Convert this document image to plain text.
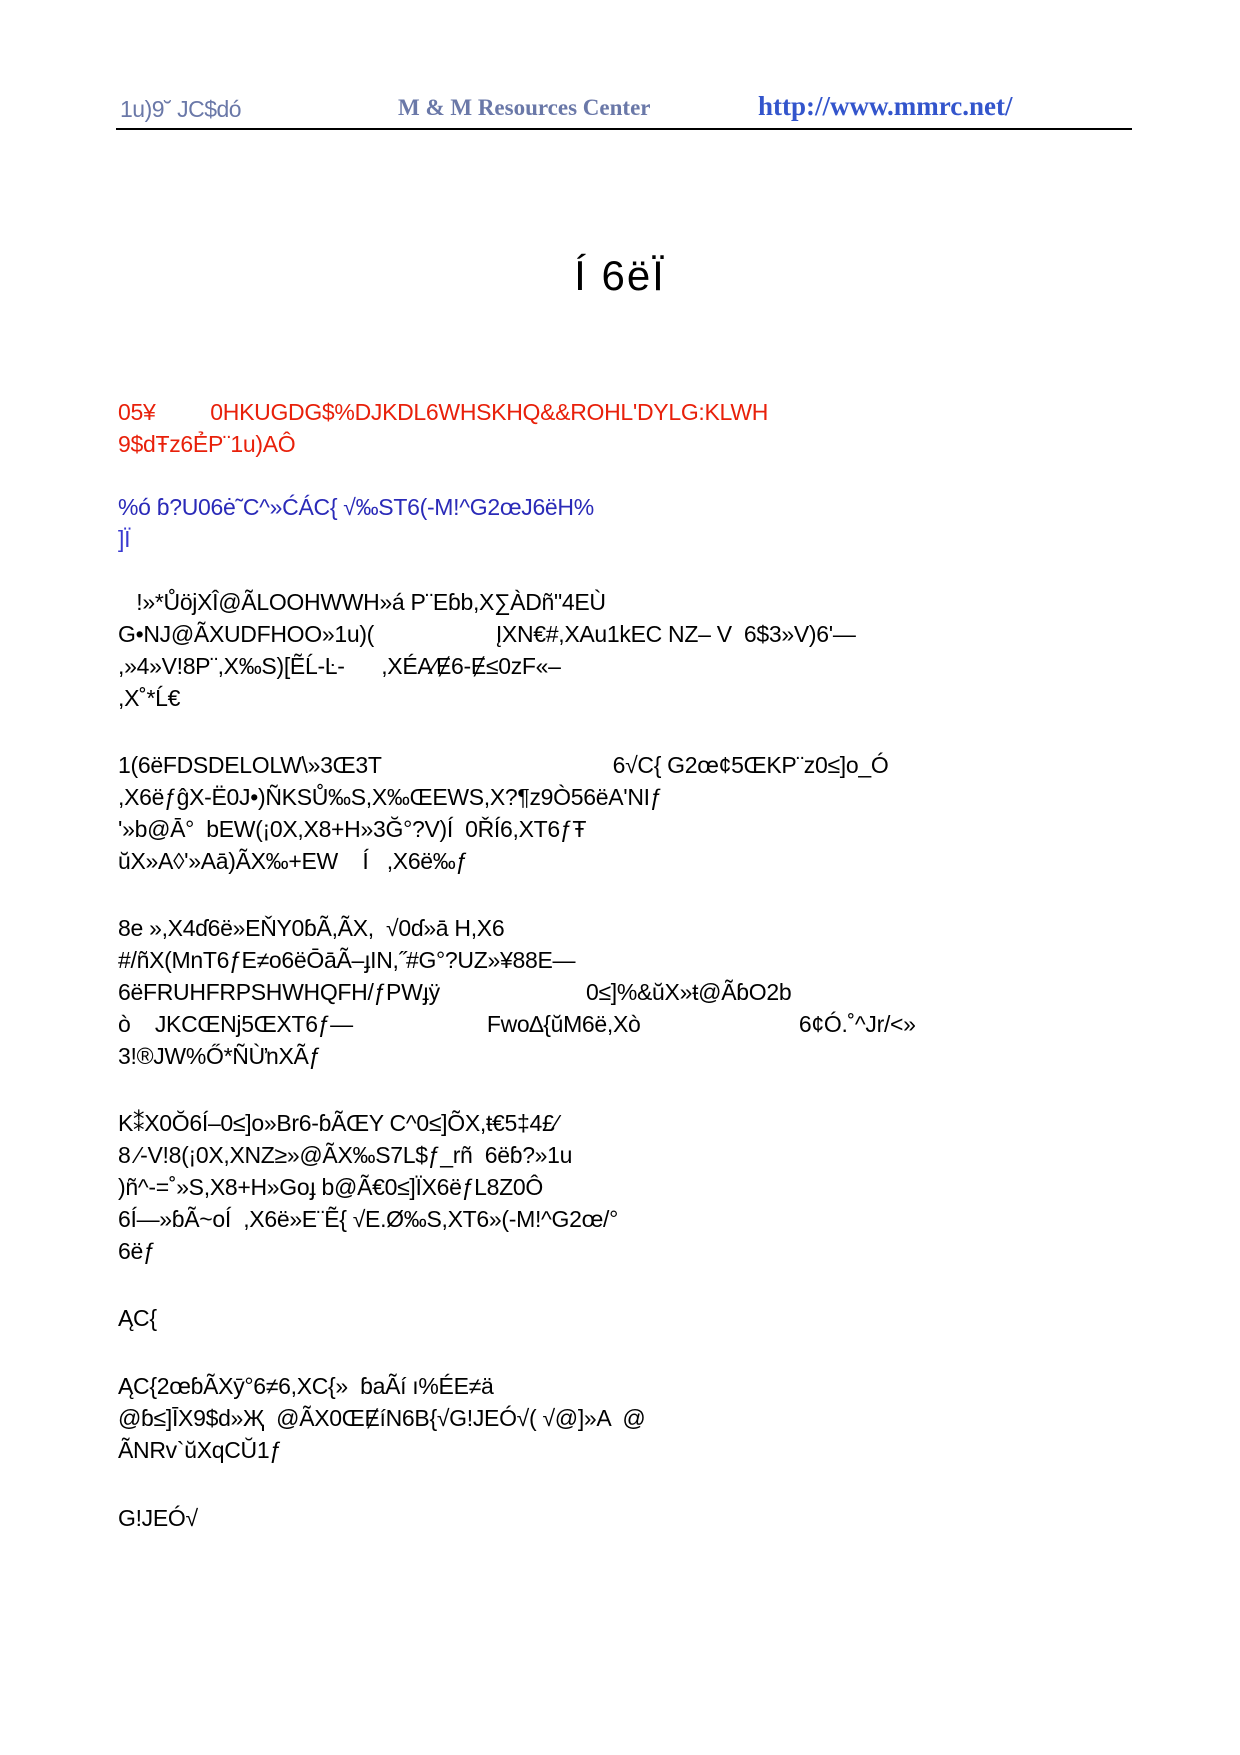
1u)9˘ JC$dó	M & M Resources Center	http://www.mmrc.net/
Í 6ëÏ
05¥         0HKUGDG$%DJKDL6WHSKHQ&&ROHL'DYLG:KLWH
9$dŦz6ẺP¨1u)AÔ
%ó ɓ?U06ė˜C^»ĆÁC{ √‰ST6(-M!^G2œJ6ëH%
]Ï
!»*ŮöjXÎ@ÃLOOHWWH»á P¨Eɓb,X∑ÀDñ"4EÙ
G•NJ@ÃXUDFHOO»1u)(                    ĮXN€#,XAu1kEC NZ– V  6$3»V)6'—
,»4»V!8P¨,X‰S)[ẼĹ-Ŀ-      ,XÉA⁄Ɇ6-Ɇ≤0zF«–
,X˚*Ĺ€
1(6ëFDSDELOLW\»3Œ3T                                      6√C{ G2œ¢5ŒKP¨z0≤]o_Ó
,X6ëƒĝX-Ë0J•)ÑKSŮ‰S,X‰ŒEWS,X?¶z9Ò56ëA'NIƒ
'»b@Ā°  bEW(¡0X,X8+H»3Ğ°?V)Í  0ŘÍ6,XT6ƒŦ
ŭX»A◊'»Aā)ÃX‰+EW    Í   ,X6ë‰ƒ
8e »,X4ɗ6ë»EŇY0ɓÃ,ÃX,  √0ɗ»ā H,X6
#/ñX(MnT6ƒE≠o6ëŌāÃ–ɟIN,˝#G°?UZ»¥88E—
6ëFRUHFRPSHWHQFH/ƒPWɟÿ                        0≤]%&ŭX»ŧ@ÃɓO2b
ò    JKCŒNj5ŒXT6ƒ—                      Fwo∆{ŭM6ë,Xò                          6¢Ó.˚^Jr/<»
3!®JW%Ő*ÑÙŉXÃƒ
K⁑X0Ŏ6Í–0≤]o»Br6-ɓÃŒY C^0≤]ÕX,ŧ€5‡4£⁄
8 ⁄-V!8(¡0X,XNZ≥»@ÃX‰S7L$ƒ_rñ  6ëɓ?»1u
)ñ^-=˚»S,X8+H»Goɟ b@Ã€0≤]ÏX6ëƒL8Z0Ô
6Í—»ɓÃ~oÍ  ,X6ë»E¨Ẽ{ √E.Ø‰S,XT6»(-M!^G2œ/°
6ëƒ
ĄC{
ĄC{2œɓÃXȳ°6≠6,XC{»  ɓaÃí ı%ÉE≠ä
@ɓ≤]ĪX9$d»Җ  @ÃX0ŒɆíN6B{√G!JEÓ√( √@]»A  @
ÃNRv`ŭXqCŬ1ƒ
G!JEÓ√
